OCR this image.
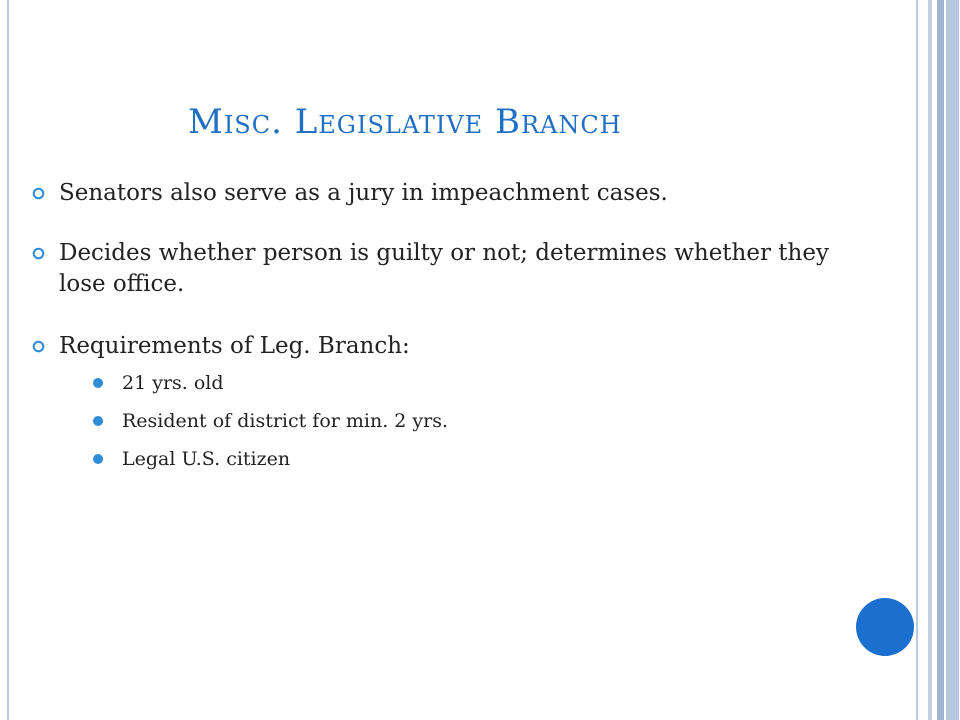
Misc. Legislative Branch
Senators also serve as a jury in impeachment cases.
Decides whether person is guilty or not; determines whether they lose office.
Requirements of Leg. Branch:
21 yrs. old
Resident of district for min. 2 yrs.
Legal U.S. citizen
